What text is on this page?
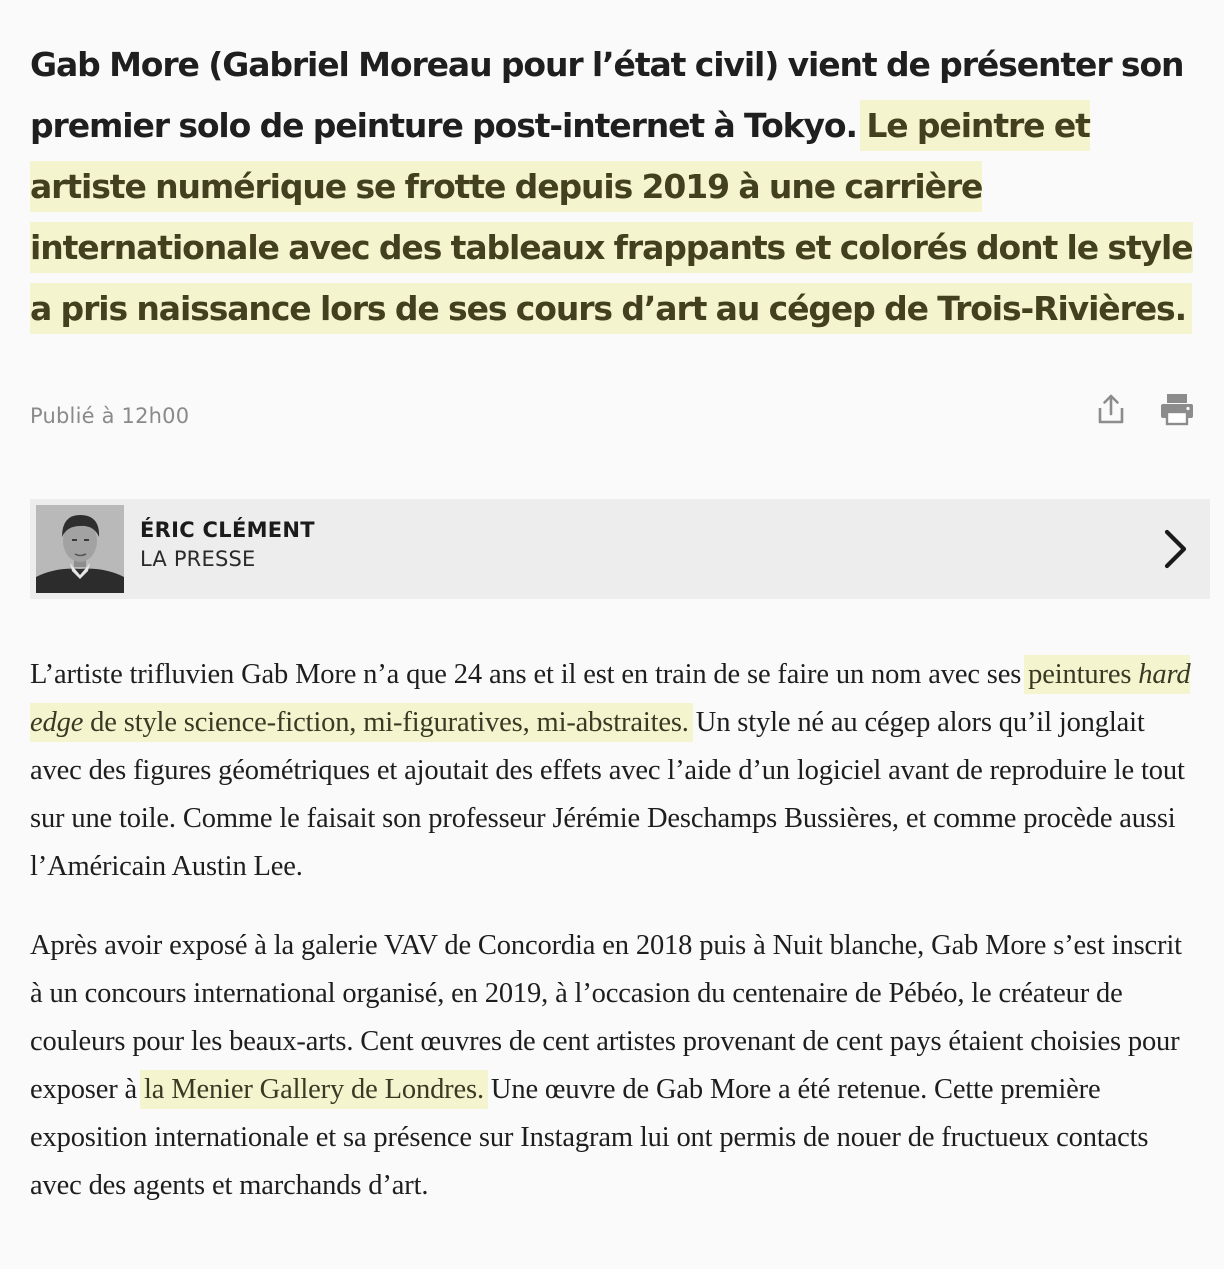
Gab More (Gabriel Moreau pour l’état civil) vient de présenter son premier solo de peinture post-internet à Tokyo. Le peintre et artiste numérique se frotte depuis 2019 à une carrière internationale avec des tableaux frappants et colorés dont le style a pris naissance lors de ses cours d’art au cégep de Trois-Rivières.

Publié à 12h00
ÉRIC CLÉMENT
LA PRESSE

L’artiste trifluvien Gab More n’a que 24 ans et il est en train de se faire un nom avec ses peintures hard edge de style science-fiction, mi-figuratives, mi-abstraites. Un style né au cégep alors qu’il jonglait avec des figures géométriques et ajoutait des effets avec l’aide d’un logiciel avant de reproduire le tout sur une toile. Comme le faisait son professeur Jérémie Deschamps Bussières, et comme procède aussi l’Américain Austin Lee.

Après avoir exposé à la galerie VAV de Concordia en 2018 puis à Nuit blanche, Gab More s’est inscrit à un concours international organisé, en 2019, à l’occasion du centenaire de Pébéo, le créateur de couleurs pour les beaux-arts. Cent œuvres de cent artistes provenant de cent pays étaient choisies pour exposer à la Menier Gallery de Londres. Une œuvre de Gab More a été retenue. Cette première exposition internationale et sa présence sur Instagram lui ont permis de nouer de fructueux contacts avec des agents et marchands d’art.
